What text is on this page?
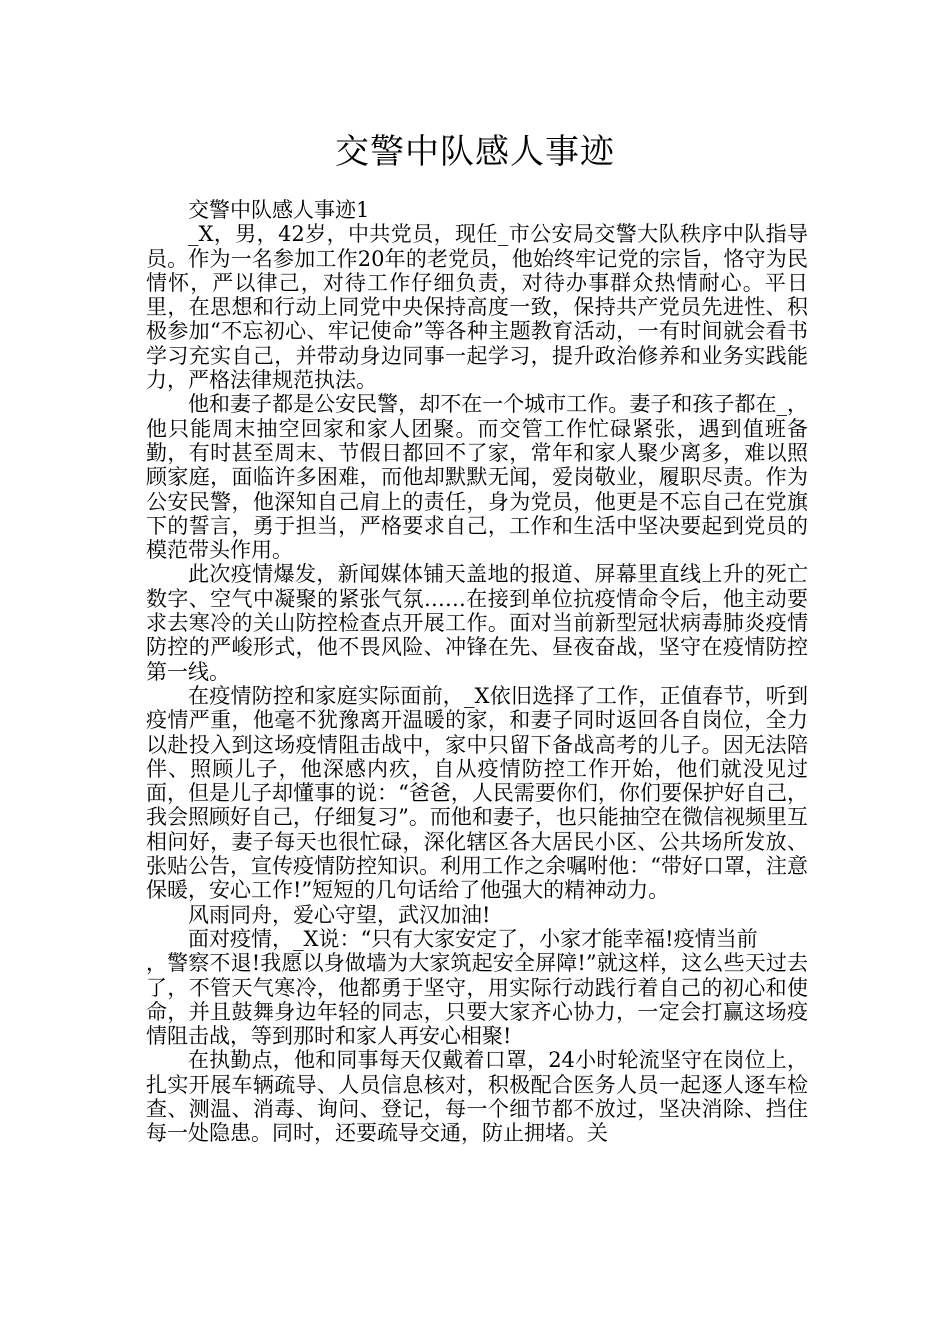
交警中队感人事迹

交警中队感人事迹1

_X，男，42岁，中共党员，现任_市公安局交警大队秩序中队指导员。作为一名参加工作20年的老党员，他始终牢记党的宗旨，恪守为民情怀，严以律己，对待工作仔细负责，对待办事群众热情耐心。平日里，在思想和行动上同党中央保持高度一致，保持共产党员先进性、积极参加“不忘初心、牢记使命”等各种主题教育活动，一有时间就会看书学习充实自己，并带动身边同事一起学习，提升政治修养和业务实践能力，严格法律规范执法。

他和妻子都是公安民警，却不在一个城市工作。妻子和孩子都在_，他只能周末抽空回家和家人团聚。而交管工作忙碌紧张，遇到值班备勤，有时甚至周末、节假日都回不了家，常年和家人聚少离多，难以照顾家庭，面临许多困难，而他却默默无闻，爱岗敬业，履职尽责。作为公安民警，他深知自己肩上的责任，身为党员，他更是不忘自己在党旗下的誓言，勇于担当，严格要求自己，工作和生活中坚决要起到党员的模范带头作用。

此次疫情爆发，新闻媒体铺天盖地的报道、屏幕里直线上升的死亡数字、空气中凝聚的紧张气氛……在接到单位抗疫情命令后，他主动要求去寒冷的关山防控检查点开展工作。面对当前新型冠状病毒肺炎疫情防控的严峻形式，他不畏风险、冲锋在先、昼夜奋战，坚守在疫情防控第一线。

在疫情防控和家庭实际面前，_X依旧选择了工作，正值春节，听到疫情严重，他毫不犹豫离开温暖的家，和妻子同时返回各自岗位，全力以赴投入到这场疫情阻击战中，家中只留下备战高考的儿子。因无法陪伴、照顾儿子，他深感内疚，自从疫情防控工作开始，他们就没见过面，但是儿子却懂事的说：“爸爸，人民需要你们，你们要保护好自己，我会照顾好自己，仔细复习”。而他和妻子，也只能抽空在微信视频里互相问好，妻子每天也很忙碌，深化辖区各大居民小区、公共场所发放、张贴公告，宣传疫情防控知识。利用工作之余嘱咐他：“带好口罩，注意保暖，安心工作!”短短的几句话给了他强大的精神动力。

风雨同舟，爱心守望，武汉加油!

面对疫情，_X说：“只有大家安定了，小家才能幸福!疫情当前

，警察不退!我愿以身做墙为大家筑起安全屏障!”就这样，这么些天过去了，不管天气寒冷，他都勇于坚守，用实际行动践行着自己的初心和使命，并且鼓舞身边年轻的同志，只要大家齐心协力，一定会打赢这场疫情阻击战，等到那时和家人再安心相聚!

在执勤点，他和同事每天仅戴着口罩，24小时轮流坚守在岗位上，扎实开展车辆疏导、人员信息核对，积极配合医务人员一起逐人逐车检查、测温、消毒、询问、登记，每一个细节都不放过，坚决消除、挡住每一处隐患。同时，还要疏导交通，防止拥堵。关
